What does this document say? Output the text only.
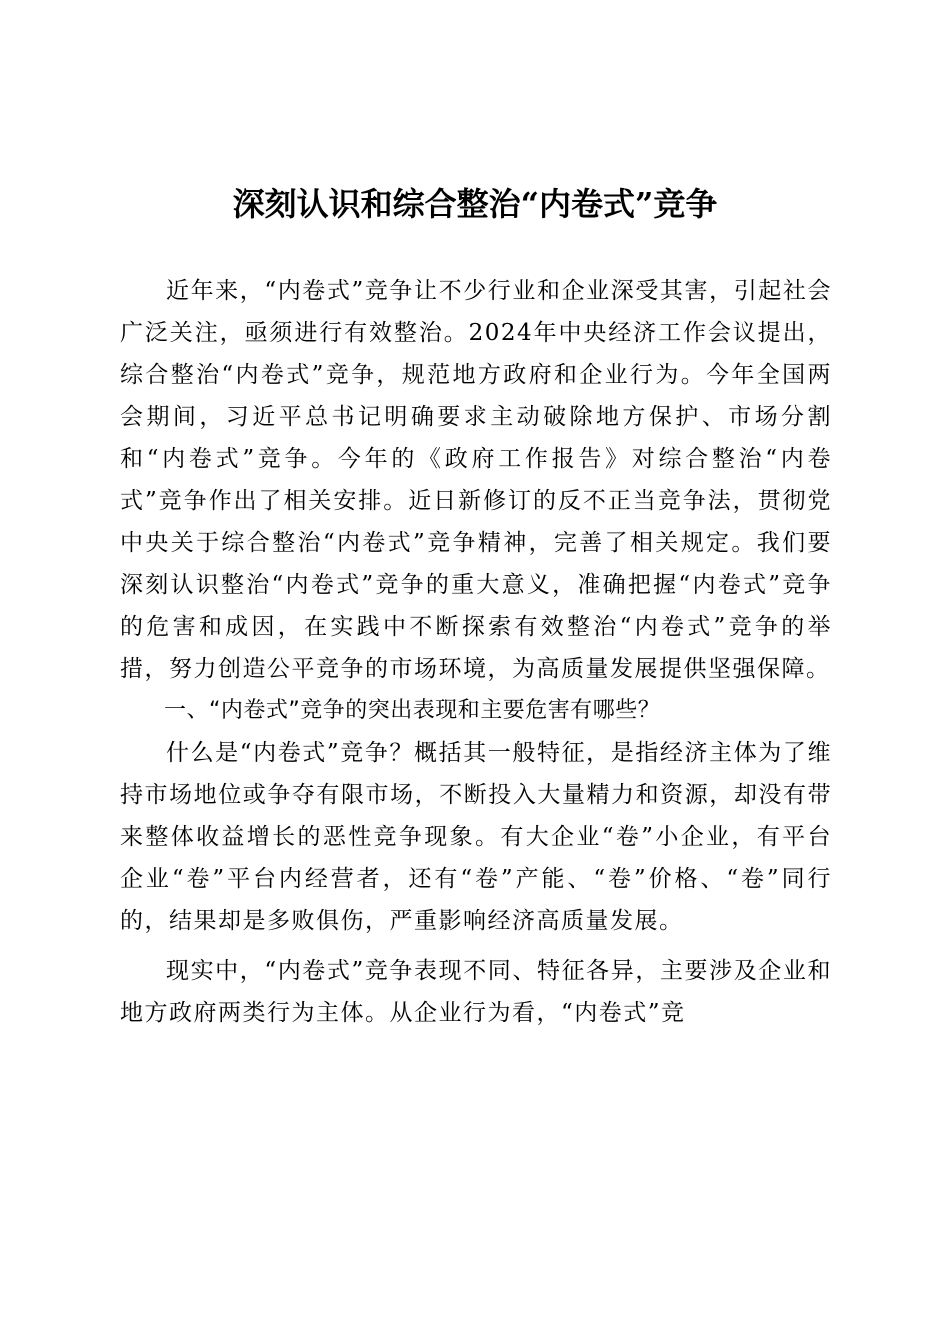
深刻认识和综合整治“内卷式”竞争

近年来，“内卷式”竞争让不少行业和企业深受其害，引起社会广泛关注，亟须进行有效整治。2024年中央经济工作会议提出，综合整治“内卷式”竞争，规范地方政府和企业行为。今年全国两会期间，习近平总书记明确要求主动破除地方保护、市场分割和“内卷式”竞争。今年的《政府工作报告》对综合整治“内卷式”竞争作出了相关安排。近日新修订的反不正当竞争法，贯彻党中央关于综合整治“内卷式”竞争精神，完善了相关规定。我们要深刻认识整治“内卷式”竞争的重大意义，准确把握“内卷式”竞争的危害和成因，在实践中不断探索有效整治“内卷式”竞争的举措，努力创造公平竞争的市场环境，为高质量发展提供坚强保障。

一、“内卷式”竞争的突出表现和主要危害有哪些？

什么是“内卷式”竞争？概括其一般特征，是指经济主体为了维持市场地位或争夺有限市场，不断投入大量精力和资源，却没有带来整体收益增长的恶性竞争现象。有大企业“卷”小企业，有平台企业“卷”平台内经营者，还有“卷”产能、“卷”价格、“卷”同行的，结果却是多败俱伤，严重影响经济高质量发展。

现实中，“内卷式”竞争表现不同、特征各异，主要涉及企业和地方政府两类行为主体。从企业行为看，“内卷式”竞
